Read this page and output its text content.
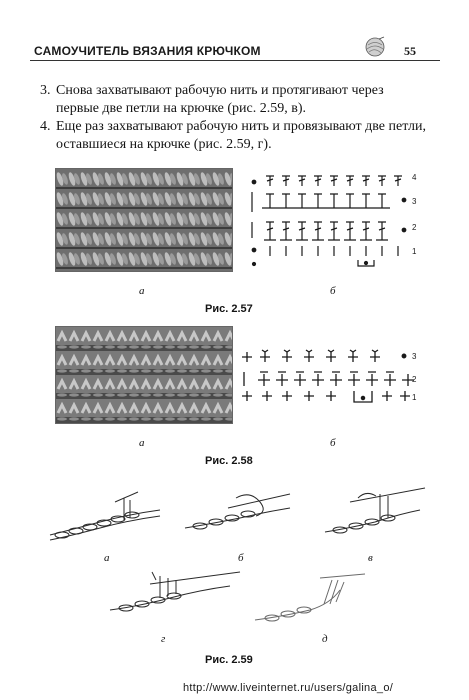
САМОУЧИТЕЛЬ ВЯЗАНИЯ КРЮЧКОМ	55
3. Снова захватывают рабочую нить и протягивают через первые две петли на крючке (рис. 2.59, в).
4. Еще раз захватывают рабочую нить и провязывают две петли, оставшиеся на крючке (рис. 2.59, г).
4
3
2
1
а	б
Рис. 2.57
3
2
1
а	б
Рис. 2.58
а	б	в
г	д
Рис. 2.59
http://www.liveinternet.ru/users/galina_o/
